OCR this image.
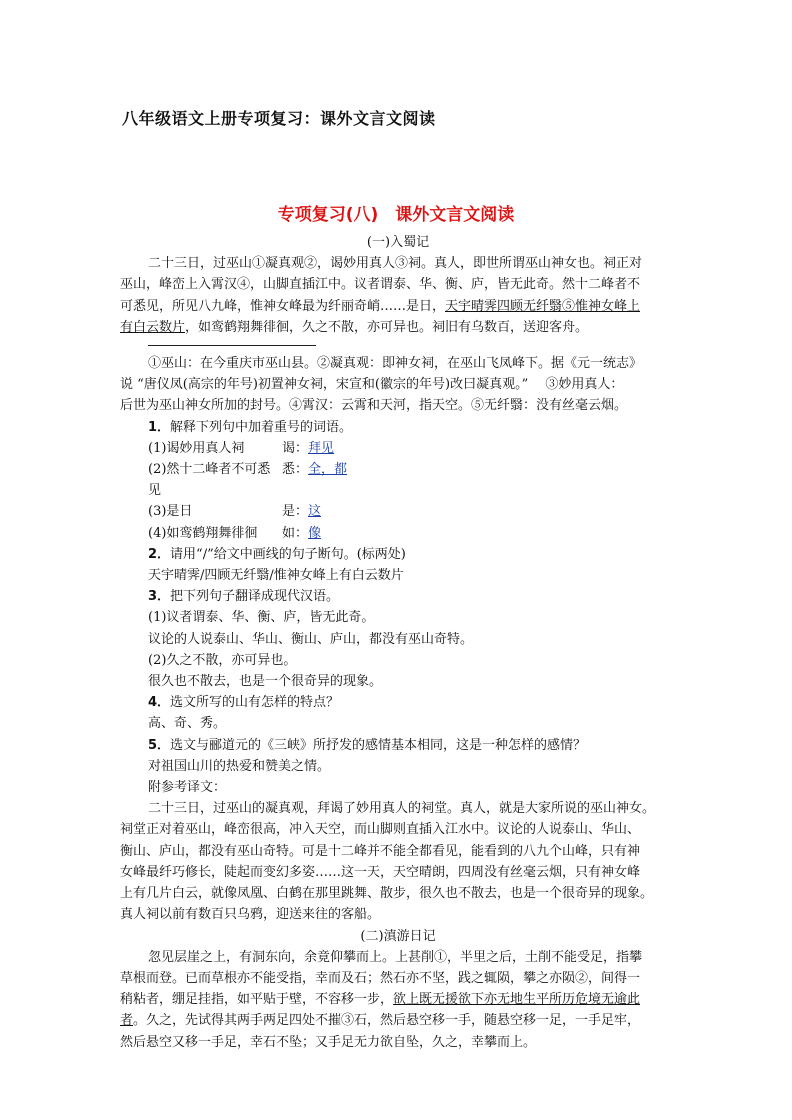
八年级语文上册专项复习：课外文言文阅读
专项复习(八)　课外文言文阅读
(一)入蜀记
二十三日，过巫山①凝真观②，谒妙用真人③祠。真人，即世所谓巫山神女也。祠正对
巫山，峰峦上入霄汉④，山脚直插江中。议者谓泰、华、衡、庐，皆无此奇。然十二峰者不
可悉见，所见八九峰，惟神女峰最为纤丽奇峭……是日，天宇晴霁四顾无纤翳⑤惟神女峰上
有白云数片，如鸾鹤翔舞徘徊，久之不散，亦可异也。祠旧有乌数百，送迎客舟。
①巫山：在今重庆市巫山县。②凝真观：即神女祠，在巫山飞凤峰下。据《元一统志》
说 “唐仪凤(高宗的年号)初置神女祠，宋宣和(徽宗的年号)改曰凝真观。” 　③妙用真人：
后世为巫山神女所加的封号。④霄汉：云霄和天河，指天空。⑤无纤翳：没有丝毫云烟。
1．解释下列句中加着重号的词语。
(1)谒妙用真人祠	谒：拜见
(2)然十二峰者不可悉见
悉：全，都
(3)是日	是：这
(4)如鸾鹤翔舞徘徊	如：像
2．请用“/”给文中画线的句子断句。(标两处)
天宇晴霁/四顾无纤翳/惟神女峰上有白云数片
3．把下列句子翻译成现代汉语。
(1)议者谓泰、华、衡、庐，皆无此奇。
议论的人说泰山、华山、衡山、庐山，都没有巫山奇特。
(2)久之不散，亦可异也。
很久也不散去，也是一个很奇异的现象。
4．选文所写的山有怎样的特点？
高、奇、秀。
5．选文与郦道元的《三峡》所抒发的感情基本相同，这是一种怎样的感情？
对祖国山川的热爱和赞美之情。
附参考译文：
二十三日，过巫山的凝真观，拜谒了妙用真人的祠堂。真人，就是大家所说的巫山神女。
祠堂正对着巫山，峰峦很高，冲入天空，而山脚则直插入江水中。议论的人说泰山、华山、
衡山、庐山，都没有巫山奇特。可是十二峰并不能全都看见，能看到的八九个山峰，只有神
女峰最纤巧修长，陡起而变幻多姿……这一天，天空晴朗，四周没有丝毫云烟，只有神女峰
上有几片白云，就像凤凰、白鹤在那里跳舞、散步，很久也不散去，也是一个很奇异的现象。
真人祠以前有数百只乌鸦，迎送来往的客船。
(二)滇游日记
忽见层崖之上，有洞东向，余竟仰攀而上。上甚削①，半里之后，土削不能受足，指攀
草根而登。已而草根亦不能受指，幸而及石；然石亦不坚，践之辄陨，攀之亦陨②，间得一
稍粘者，绷足挂指，如平贴于壁，不容移一步，欲上既无援欲下亦无地生平所历危境无逾此
者。久之，先试得其两手两足四处不摧③石，然后悬空移一手，随悬空移一足，一手足牢，
然后悬空又移一手足，幸石不坠；又手足无力欲自坠，久之，幸攀而上。
